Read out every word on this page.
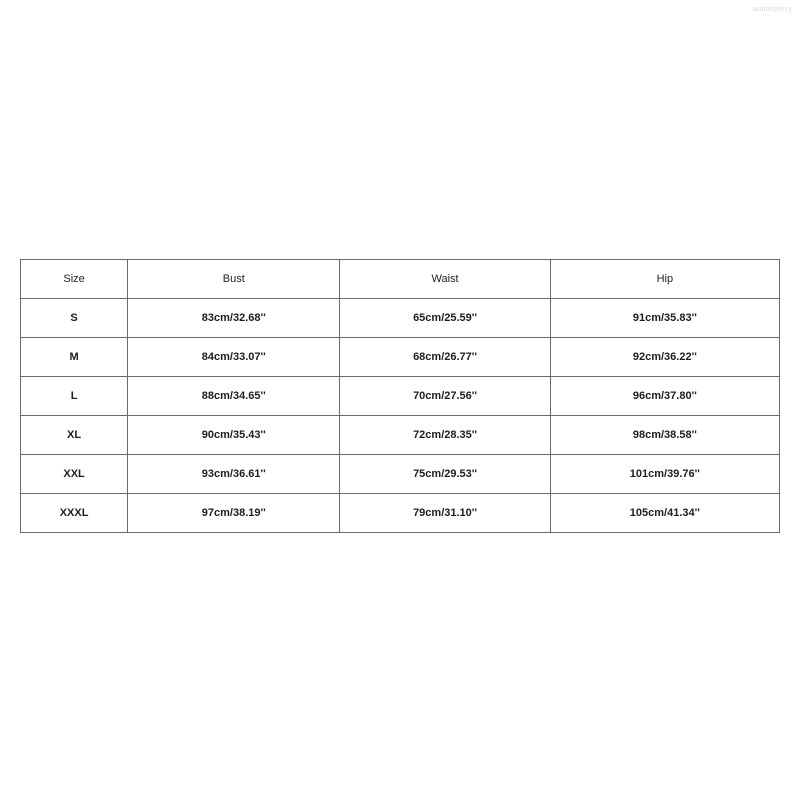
waitonpercy
Size	Bust	Waist	Hip
S	83cm/32.68''	65cm/25.59''	91cm/35.83''
M	84cm/33.07''	68cm/26.77''	92cm/36.22''
L	88cm/34.65''	70cm/27.56''	96cm/37.80''
XL	90cm/35.43''	72cm/28.35''	98cm/38.58''
XXL	93cm/36.61''	75cm/29.53''	101cm/39.76''
XXXL	97cm/38.19''	79cm/31.10''	105cm/41.34''
